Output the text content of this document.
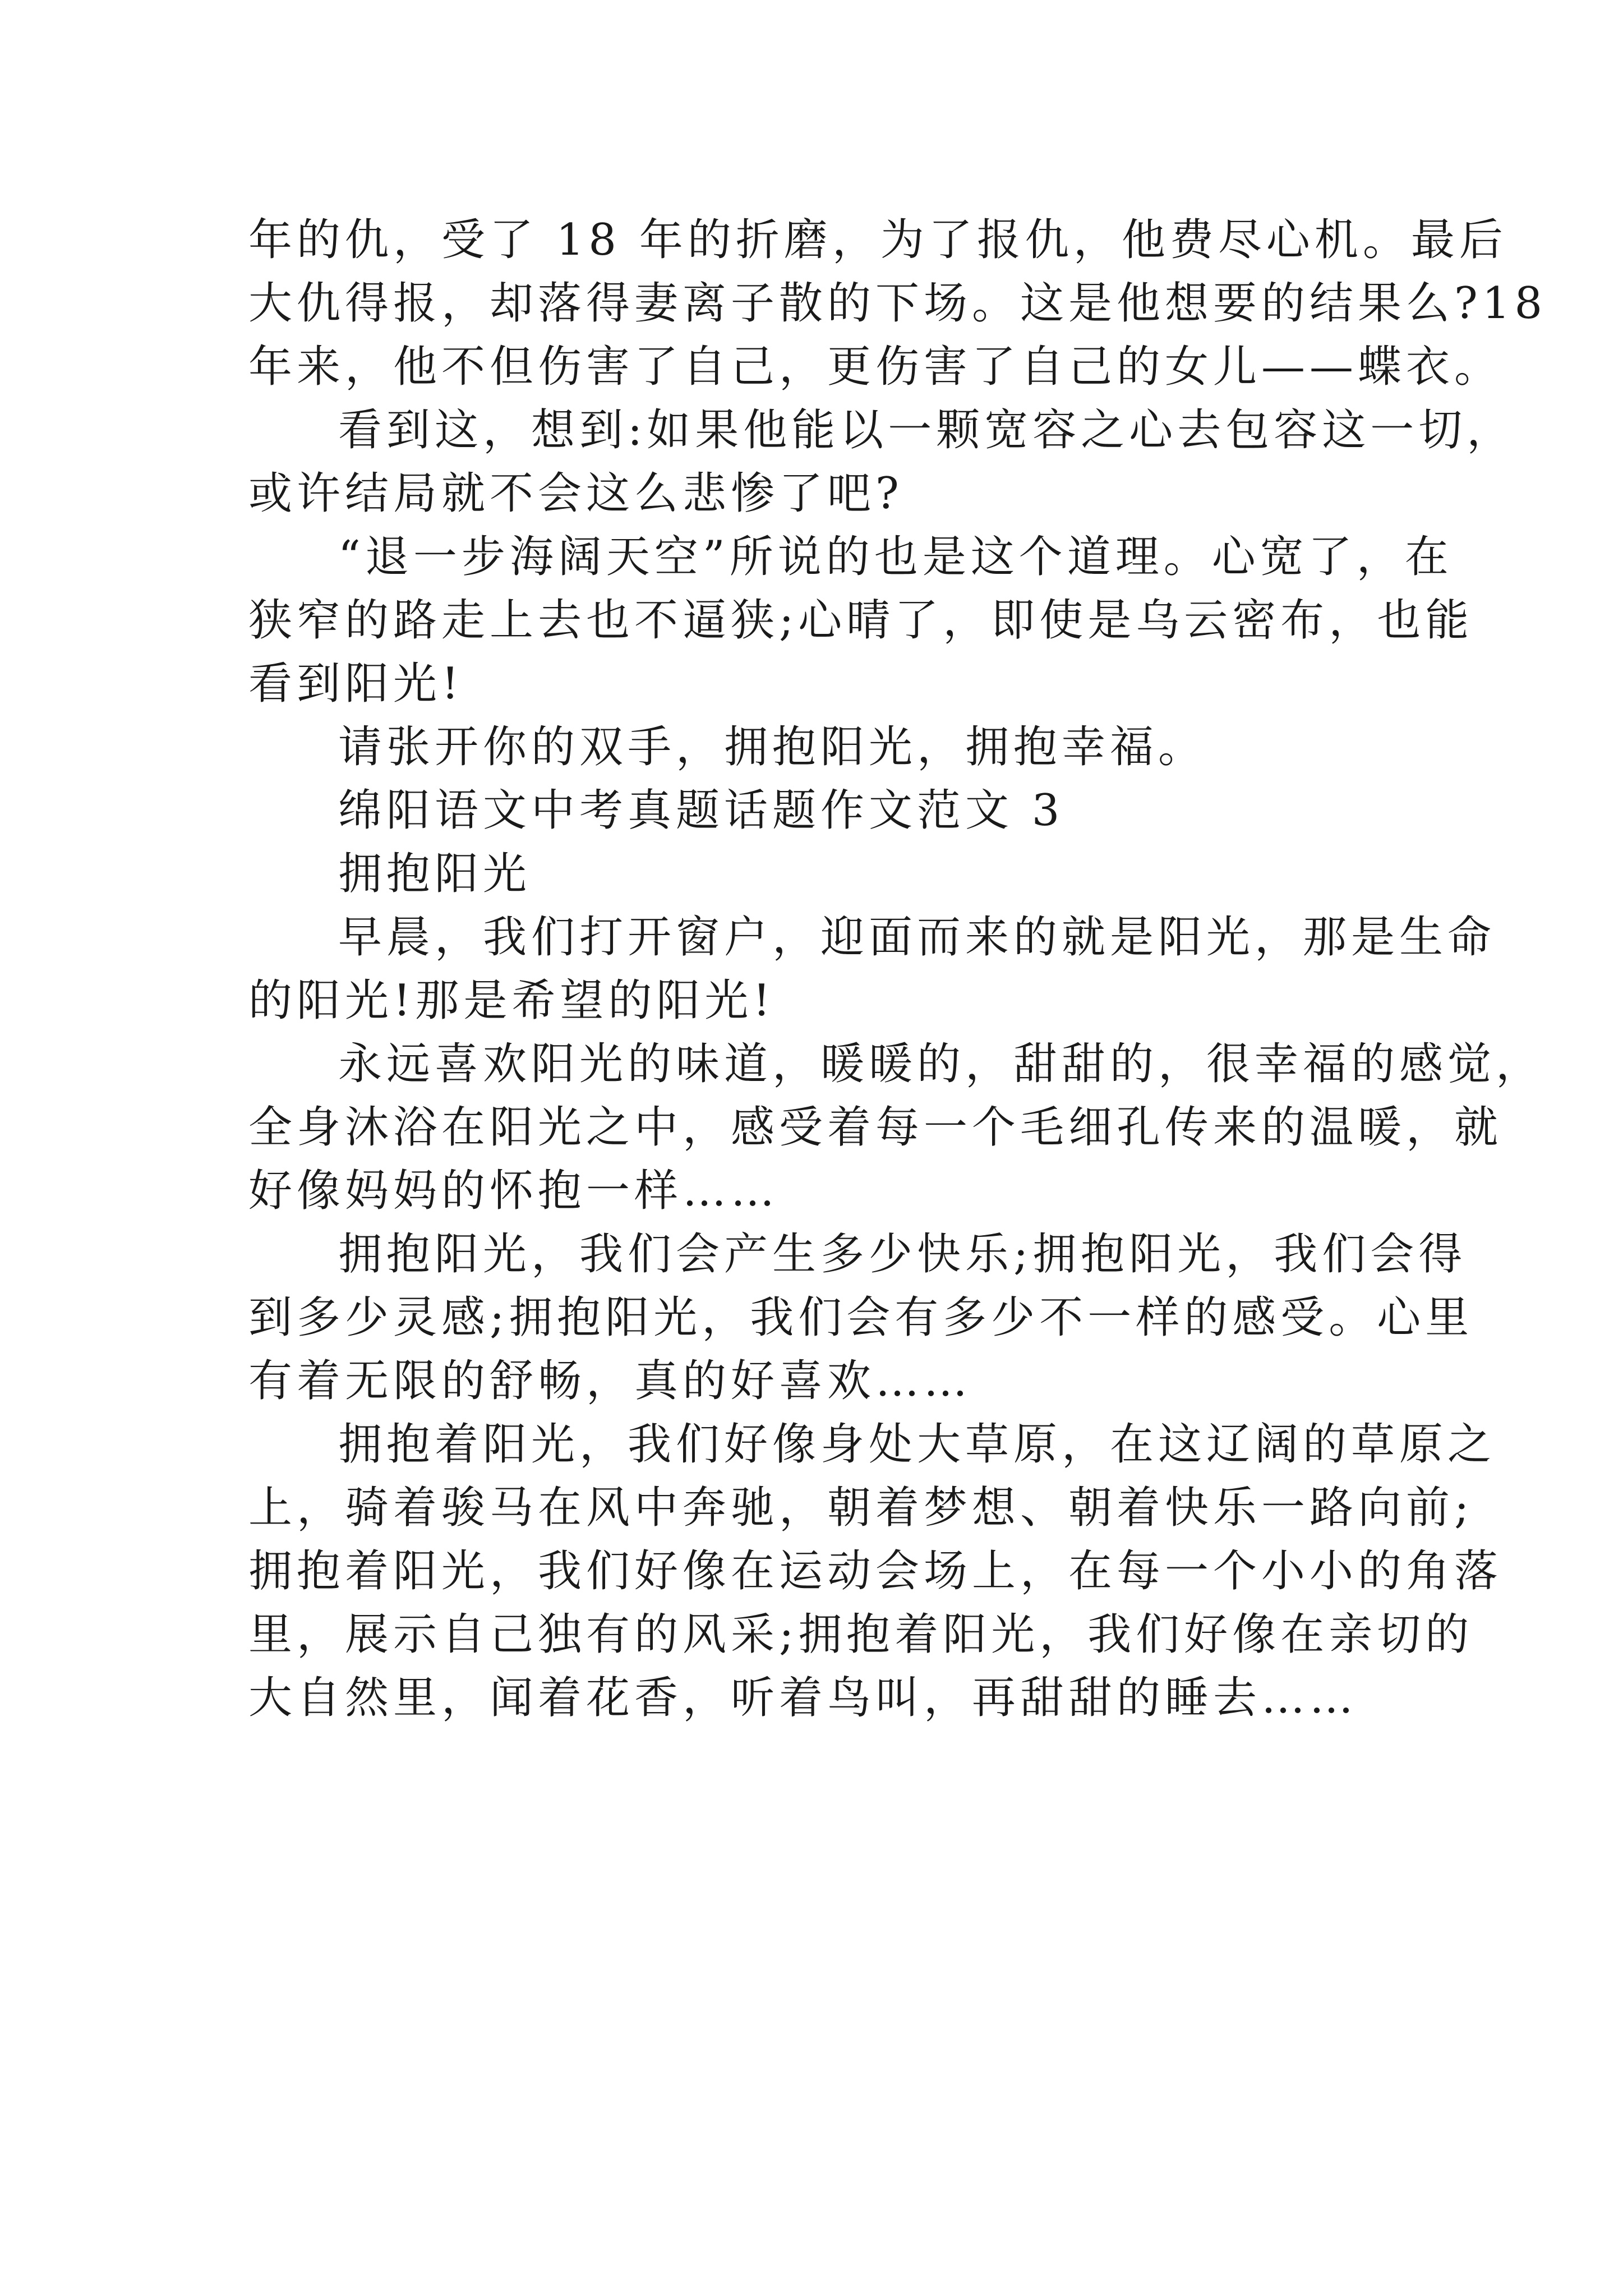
年的仇，受了 18 年的折磨，为了报仇，他费尽心机。最后
大仇得报，却落得妻离子散的下场。这是他想要的结果么?18
年来，他不但伤害了自己，更伤害了自己的女儿——蝶衣。
看到这，想到:如果他能以一颗宽容之心去包容这一切，
或许结局就不会这么悲惨了吧?
“退一步海阔天空”所说的也是这个道理。心宽了，在
狭窄的路走上去也不逼狭;心晴了，即使是乌云密布，也能
看到阳光!
请张开你的双手，拥抱阳光，拥抱幸福。
绵阳语文中考真题话题作文范文 3
拥抱阳光
早晨，我们打开窗户，迎面而来的就是阳光，那是生命
的阳光!那是希望的阳光!
永远喜欢阳光的味道，暖暖的，甜甜的，很幸福的感觉，
全身沐浴在阳光之中，感受着每一个毛细孔传来的温暖，就
好像妈妈的怀抱一样……
拥抱阳光，我们会产生多少快乐;拥抱阳光，我们会得
到多少灵感;拥抱阳光，我们会有多少不一样的感受。心里
有着无限的舒畅，真的好喜欢……
拥抱着阳光，我们好像身处大草原，在这辽阔的草原之
上，骑着骏马在风中奔驰，朝着梦想、朝着快乐一路向前;
拥抱着阳光，我们好像在运动会场上，在每一个小小的角落
里，展示自己独有的风采;拥抱着阳光，我们好像在亲切的
大自然里，闻着花香，听着鸟叫，再甜甜的睡去……
